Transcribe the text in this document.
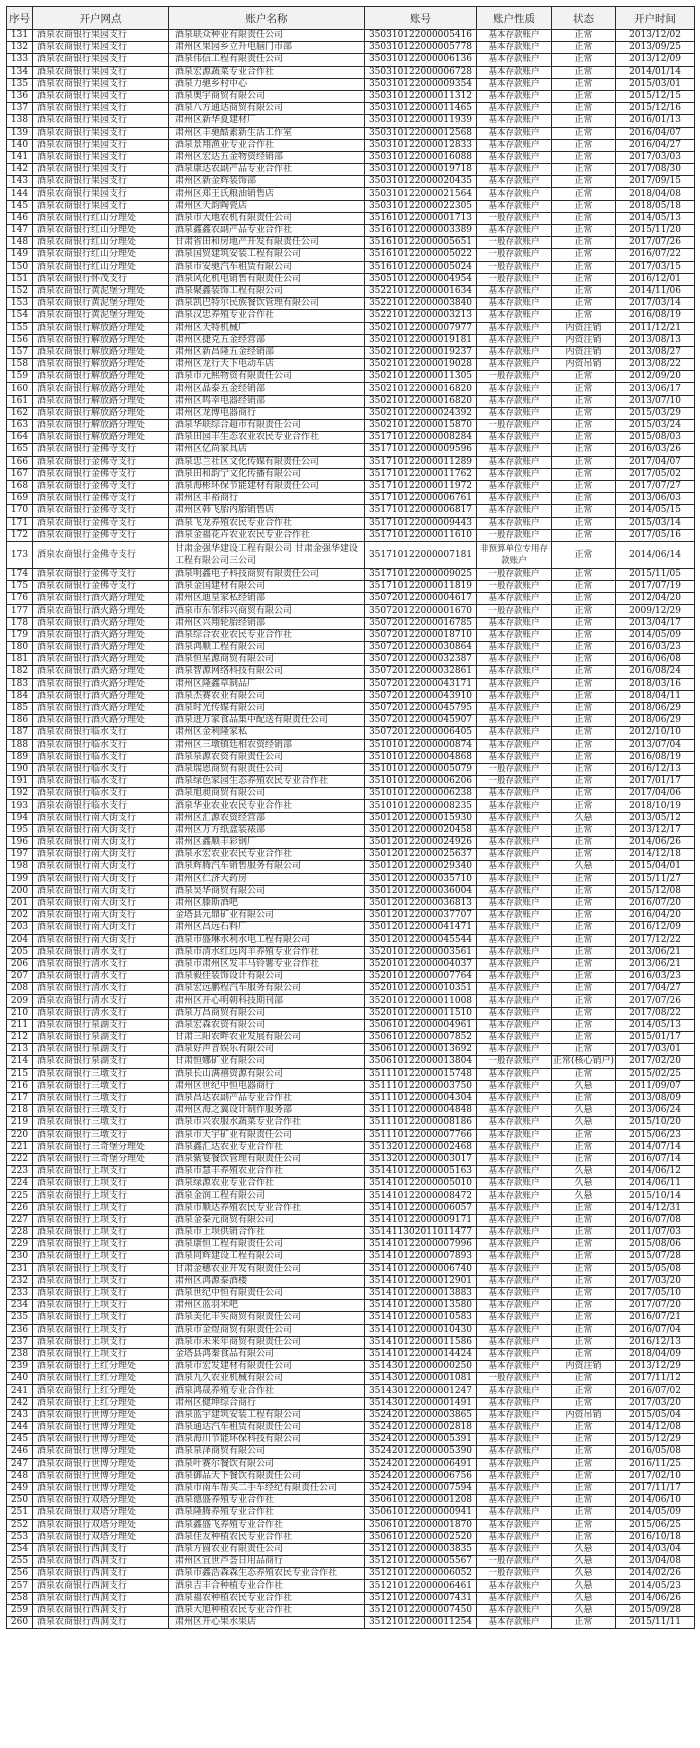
序号	开户网点	账户名称	账号	账户性质	状态	开户时间
131	酒泉农商银行果园支行	酒泉联众种业有限责任公司	350310122000005416	基本存款账户	正常	2013/12/02
132	酒泉农商银行果园支行	肃州区果园乡立升电脑门市部	350310122000005778	基本存款账户	正常	2013/09/25
133	酒泉农商银行果园支行	酒泉伟信工程有限责任公司	350310122000006136	基本存款账户	正常	2013/12/09
134	酒泉农商银行果园支行	酒泉宏源蔬菜专业合作社	350310122000006728	基本存款账户	正常	2014/01/14
135	酒泉农商银行果园支行	酒泉力驰乡村中心	350310122000009354	基本存款账户	正常	2015/03/01
136	酒泉农商银行果园支行	酒泉奥宇商贸有限公司	350310122000011312	基本存款账户	正常	2015/12/15
137	酒泉农商银行果园支行	酒泉八方通达商贸有限公司	350310122000011465	基本存款账户	正常	2015/12/16
138	酒泉农商银行果园支行	肃州区新华夏建材厂	350310122000011939	基本存款账户	正常	2016/01/13
139	酒泉农商银行果园支行	肃州区丰驰酷素新生活工作室	350310122000012568	基本存款账户	正常	2016/04/07
140	酒泉农商银行果园支行	酒泉景翔渔业专业合作社	350310122000012833	基本存款账户	正常	2016/04/27
141	酒泉农商银行果园支行	肃州区宏达五金物资经销部	350310122000016088	基本存款账户	正常	2017/03/03
142	酒泉农商银行果园支行	酒泉康达农副产品专业合作社	350310122000019718	基本存款账户	正常	2017/08/30
143	酒泉农商银行果园支行	肃州区新金辉装饰部	350310122000020435	基本存款账户	正常	2017/09/15
144	酒泉农商银行果园支行	肃州区郑王氏粮油销售店	350310122000021564	基本存款账户	正常	2018/04/08
145	酒泉农商银行果园支行	肃州区天韵陶瓷店	350310122000022305	基本存款账户	正常	2018/05/18
146	酒泉农商银行红山分理处	酒泉市大地农机有限责任公司	351610122000001713	一般存款账户	正常	2014/05/13
147	酒泉农商银行红山分理处	酒泉鑫鑫农副产品专业合作社	351610122000003389	基本存款账户	正常	2015/11/20
148	酒泉农商银行红山分理处	甘肃省田和房地产开发有限责任公司	351610122000005651	一般存款账户	正常	2017/07/26
149	酒泉农商银行红山分理处	酒泉国贸建筑安装工程有限公司	351610122000005022	一般存款账户	正常	2016/07/22
150	酒泉农商银行红山分理处	酒泉市安驰汽车租赁有限公司	351610122000005024	一般存款账户	正常	2017/03/15
151	酒泉农商银行怀茂支行	酒泉风化机电销售有限责任公司	350510122000004954	一般存款账户	正常	2016/12/01
152	酒泉农商银行黄泥堡分理处	酒泉聚鑫装饰工程有限公司	352210122000001634	基本存款账户	正常	2014/11/06
153	酒泉农商银行黄泥堡分理处	酒泉凯巴特尔民族餐饮管理有限公司	352210122000003840	基本存款账户	正常	2017/03/14
154	酒泉农商银行黄泥堡分理处	酒泉汉忠养殖专业合作社	352210122000003213	基本存款账户	正常	2016/08/19
155	酒泉农商银行解放路分理处	肃州区天特机械厂	350210122000007977	基本存款账户	内资注销	2011/12/21
156	酒泉农商银行解放路分理处	肃州区捷克五金经营部	350210122000019181	基本存款账户	内资注销	2013/08/13
157	酒泉农商银行解放路分理处	肃州区新昌隆五金经销部	350210122000019237	基本存款账户	内资注销	2013/08/27
158	酒泉农商银行解放路分理处	肃州区龙行天下电动车店	350210122000019028	基本存款账户	内资吊销	2013/08/22
159	酒泉农商银行解放路分理处	酒泉市元熙物资有限责任公司	350210122000011305	一般存款账户	正常	2012/09/20
160	酒泉农商银行解放路分理处	肃州区晶泰五金经销部	350210122000016820	基本存款账户	正常	2013/06/17
161	酒泉农商银行解放路分理处	肃州区鸣幸电器经销部	350210122000016820	基本存款账户	正常	2013/07/10
162	酒泉农商银行解放路分理处	肃州区龙博电器商行	350210122000024392	基本存款账户	正常	2015/03/29
163	酒泉农商银行解放路分理处	酒泉华联综合超市有限责任公司	350210122000015870	一般存款账户	正常	2015/03/24
164	酒泉农商银行解放路分理处	酒泉田园丰生态农业农民专业合作社	351710122000008284	基本存款账户	正常	2015/08/03
165	酒泉农商银行金佛寺支行	肃州区亿尚家具店	351710122000009596	基本存款账户	正常	2016/03/26
166	酒泉农商银行金佛寺支行	酒泉忠兰社区文化传媒有限责任公司	351710122000011289	基本存款账户	正常	2017/04/07
167	酒泉农商银行金佛寺支行	酒泉田和韵宁文化传播有限公司	351710122000011762	基本存款账户	正常	2017/05/02
168	酒泉农商银行金佛寺支行	酒泉海彬环保节能建材有限责任公司	351710122000011972	基本存款账户	正常	2017/07/27
169	酒泉农商银行金佛寺支行	肃州区丰裕商行	351710122000006761	基本存款账户	正常	2013/06/03
170	酒泉农商银行金佛寺支行	肃州区韩飞胎内胎销售店	351710122000006817	基本存款账户	正常	2014/05/15
171	酒泉农商银行金佛寺支行	酒泉飞龙养殖农民专业合作社	351710122000009443	基本存款账户	正常	2015/03/14
172	酒泉农商银行金佛寺支行	酒泉金福花卉农业农民专业合作社	351710122000011610	一般存款账户	正常	2017/05/16
173	酒泉农商银行金佛寺支行	甘肃金强华建设工程有限公司 甘肃金强华建设工程有限公司三公司	351710122000007181	非预算单位专用存款账户	正常	2014/06/14
174	酒泉农商银行金佛寺支行	酒泉明鑫电子科技商贸有限责任公司	351710122000009025	一般存款账户	正常	2015/11/05
175	酒泉农商银行金佛寺支行	酒泉金国建材有限公司	351710122000011819	一般存款账户	正常	2017/07/19
176	酒泉农商银行酒火路分理处	肃州区迪皇家私经销部	350720122000004617	基本存款账户	正常	2012/04/20
177	酒泉农商银行酒火路分理处	酒泉市东邻纬兴商贸有限公司	350720122000001670	一般存款账户	正常	2009/12/29
178	酒泉农商银行酒火路分理处	肃州区兴翔轮胎经销部	350720122000016785	基本存款账户	正常	2013/04/17
179	酒泉农商银行酒火路分理处	酒泉综合农业农民专业合作社	350720122000018710	基本存款账户	正常	2014/05/09
180	酒泉农商银行酒火路分理处	酒泉鸿顺工程有限公司	350720122000030864	基本存款账户	正常	2016/03/23
181	酒泉农商银行酒火路分理处	酒泉恒星源商贸有限公司	350720122000032387	基本存款账户	正常	2016/06/08
182	酒泉农商银行酒火路分理处	酒泉智源网络科技有限公司	350720122000032861	基本存款账户	正常	2016/08/24
183	酒泉农商银行酒火路分理处	肃州区隆鑫草制品厂	350720122000043171	基本存款账户	正常	2018/03/16
184	酒泉农商银行酒火路分理处	酒泉杰赛农业有限公司	350720122000043910	基本存款账户	正常	2018/04/11
185	酒泉农商银行酒火路分理处	酒泉时光传媒有限公司	350720122000045795	基本存款账户	正常	2018/06/29
186	酒泉农商银行酒火路分理处	酒泉进万家食品集中配送有限责任公司	350720122000045907	基本存款账户	正常	2018/06/29
187	酒泉农商银行临水支行	肃州区金利隆家私	350720122000006405	基本存款账户	正常	2012/10/10
188	酒泉农商银行临水支行	肃州区三墩镇廷相农资经销部	351010122000000874	基本存款账户	正常	2013/07/04
189	酒泉农商银行临水支行	酒泉泉源农资有限责任公司	351010122000004868	基本存款账户	正常	2016/08/19
190	酒泉农商银行临水支行	酒泉瑞恩商贸有限责任公司	351010122000005079	一般存款账户	正常	2016/12/13
191	酒泉农商银行临水支行	酒泉绿色家园生态养殖农民专业合作社	351010122000006206	一般存款账户	正常	2017/01/17
192	酒泉农商银行临水支行	酒泉旭昶商贸有限公司	351010122000006238	基本存款账户	正常	2017/04/06
193	酒泉农商银行临水支行	酒泉华业农业农民专业合作社	351010122000008235	基本存款账户	正常	2018/10/19
194	酒泉农商银行南大街支行	肃州区汇源农资经营部	350120122000015930	基本存款账户	久悬	2013/05/12
195	酒泉农商银行南大街支行	肃州区万方纸盒装裱部	350120122000020458	基本存款账户	正常	2013/12/17
196	酒泉农商银行南大街支行	肃州区鑫顺丰彩钢厂	350120122000024926	基本存款账户	正常	2014/06/26
197	酒泉农商银行南大街支行	酒泉永宏农业农民专业合作社	350120122000025637	基本存款账户	正常	2014/12/18
198	酒泉农商银行南大街支行	酒泉辉腾汽车销售服务有限公司	350120122000029340	基本存款账户	久悬	2015/04/01
199	酒泉农商银行南大街支行	肃州区仁济大药房	350120122000035710	基本存款账户	正常	2015/11/27
200	酒泉农商银行南大街支行	酒泉昊华商贸有限公司	350120122000036004	基本存款账户	正常	2015/12/08
201	酒泉农商银行南大街支行	肃州区滕斯酒吧	350120122000036813	基本存款账户	正常	2016/07/20
202	酒泉农商银行南大街支行	金塔县元鼎矿业有限公司	350120122000037707	基本存款账户	正常	2016/04/20
203	酒泉农商银行南大街支行	肃州区昌远石料厂	350120122000041471	基本存款账户	正常	2016/12/09
204	酒泉农商银行南大街支行	酒泉市盛琳水利水电工程有限公司	350120122000045544	基本存款账户	正常	2017/12/22
205	酒泉农商银行清水支行	酒泉市清水红远肉羊养殖专业合作社	352010122000003561	基本存款账户	正常	2013/06/21
206	酒泉农商银行清水支行	酒泉市肃州区发丰马铃薯专业合作社	352010122000004037	基本存款账户	正常	2013/06/21
207	酒泉农商银行清水支行	酒泉毅佳装饰设计有限公司	352010122000007764	基本存款账户	正常	2016/03/23
208	酒泉农商银行清水支行	酒泉宏远鹏程汽车服务有限公司	352010122000010351	基本存款账户	正常	2017/04/27
209	酒泉农商银行清水支行	肃州区开心明朝科技期刊部	352010122000011008	基本存款账户	正常	2017/07/26
210	酒泉农商银行清水支行	酒泉万昌商贸有限公司	352010122000011510	基本存款账户	正常	2017/08/22
211	酒泉农商银行泉湖支行	酒泉宏森农资有限公司	350610122000004961	基本存款账户	正常	2014/05/13
212	酒泉农商银行泉湖支行	甘肃三阳农畔农业发展有限公司	350610122000007852	基本存款账户	正常	2015/01/17
213	酒泉农商银行泉湖支行	酒泉好声音娱乐有限公司	350610122000013692	基本存款账户	正常	2017/03/01
214	酒泉农商银行泉湖支行	甘肃恒娜矿业有限公司	350610122000013804	一般存款账户	正常(核心销户)	2017/02/20
215	酒泉农商银行三墩支行	酒泉长山满禧资源有限公司	351110122000015748	基本存款账户	正常	2015/02/25
216	酒泉农商银行三墩支行	肃州区世纪中恒电器商行	351110122000003750	基本存款账户	久悬	2011/09/07
217	酒泉农商银行三墩支行	酒泉昌达农副产品专业合作社	351110122000004304	基本存款账户	正常	2013/08/09
218	酒泉农商银行三墩支行	肃州区海之翼设计制作服务部	351110122000004848	基本存款账户	久悬	2013/06/24
219	酒泉农商银行三墩支行	酒泉市兴农服水蔬菜专业合作社	351110122000008186	基本存款账户	久悬	2015/10/20
220	酒泉农商银行三墩支行	酒泉市天宇矿业有限责任公司	351110122000007766	基本存款账户	正常	2015/06/23
221	酒泉农商银行三奇堡分理处	酒泉鑫汇达农业专业合作社	351320122000002468	基本存款账户	正常	2014/07/14
222	酒泉农商银行三奇堡分理处	酒泉紫宴餐饮管理有限责任公司	351320122000003017	基本存款账户	正常	2016/07/14
223	酒泉农商银行上坝支行	酒泉市慧丰养殖农业合作社	351410122000005163	基本存款账户	久悬	2014/06/12
224	酒泉农商银行上坝支行	酒泉绿源农业专业合作社	351410122000005010	基本存款账户	久悬	2014/06/11
225	酒泉农商银行上坝支行	酒泉金润工程有限公司	351410122000008472	基本存款账户	久悬	2015/10/14
226	酒泉农商银行上坝支行	酒泉市顺达养殖农民专业合作社	351410122000006057	基本存款账户	正常	2014/12/31
227	酒泉农商银行上坝支行	酒泉金泰元商贸有限公司	351410122000009171	基本存款账户	正常	2016/07/08
228	酒泉农商银行上坝支行	酒泉市上坝供销合作社	351411302011011477	基本存款账户	正常	2011/07/03
229	酒泉农商银行上坝支行	酒泉康恒工程有限责任公司	351410122000007996	基本存款账户	正常	2015/08/06
230	酒泉农商银行上坝支行	酒泉同辉建设工程有限公司	351410122000007893	基本存款账户	正常	2015/07/28
231	酒泉农商银行上坝支行	甘肃金穗农业开发有限责任公司	351410122000006740	基本存款账户	正常	2015/05/08
232	酒泉农商银行上坝支行	肃州区鸿源泰酒楼	351410122000012901	基本存款账户	正常	2017/03/20
233	酒泉农商银行上坝支行	酒泉世纪中恒有限责任公司	351410122000013883	基本存款账户	正常	2017/05/10
234	酒泉农商银行上坝支行	肃州区蓝羽米吧	351410122000013580	基本存款账户	正常	2017/07/20
235	酒泉农商银行上坝支行	酒泉美化丰实商贸有限责任公司	351410122000010583	基本存款账户	正常	2016/07/21
236	酒泉农商银行上坝支行	酒泉市金煜商贸有限责任公司	351410122000010430	基本存款账户	正常	2016/07/04
237	酒泉农商银行上坝支行	酒泉市未来年商贸有限责任公司	351410122000011586	基本存款账户	正常	2016/12/13
238	酒泉农商银行上坝支行	金塔县鸿秦食品有限公司	351410122000014424	基本存款账户	正常	2018/04/09
239	酒泉农商银行上红分理处	酒泉市宏发建材有限责任公司	351430122000000250	基本存款账户	内资注销	2013/12/29
240	酒泉农商银行上红分理处	酒泉九久农业机械有限公司	351430122000001081	一般存款账户	正常	2017/11/12
241	酒泉农商银行上红分理处	酒泉鸿晟养殖专业合作社	351430122000001247	基本存款账户	正常	2016/07/02
242	酒泉农商银行上红分理处	肃州区健坤综合商行	351430122000001491	基本存款账户	正常	2017/03/20
243	酒泉农商银行世博分理处	酒泉蓝宇建筑安装工程有限公司	352420122000003865	基本存款账户	内资吊销	2015/05/04
244	酒泉农商银行世博分理处	酒泉通达汽车租赁有限责任公司	352420122000002818	基本存款账户	正常	2014/12/08
245	酒泉农商银行世博分理处	酒泉海川节能环保科技有限公司	352420122000005391	基本存款账户	正常	2015/12/29
246	酒泉农商银行世博分理处	酒泉泉泽商贸有限公司	352420122000005390	基本存款账户	正常	2016/05/08
247	酒泉农商银行世博分理处	酒泉叶赛尔餐饮有限公司	352420122000006491	基本存款账户	正常	2016/11/25
248	酒泉农商银行世博分理处	酒泉御品天下餐饮有限责任公司	352420122000006756	基本存款账户	正常	2017/02/10
249	酒泉农商银行世博分理处	酒泉市南车帮买二手车经纪有限责任公司	352420122000007594	基本存款账户	正常	2017/11/17
250	酒泉农商银行双塔分理处	酒泉德盛养殖专业合作社	350610122000001208	基本存款账户	正常	2014/06/10
251	酒泉农商银行双塔分理处	酒泉隆腾养殖专业合作社	350610122000000941	基本存款账户	正常	2014/05/09
252	酒泉农商银行双塔分理处	酒泉鑫盛飞养殖专业合作社	350610122000001870	基本存款账户	正常	2015/06/25
253	酒泉农商银行双塔分理处	酒泉佳友种植农民专业合作社	350610122000002520	基本存款账户	正常	2016/10/18
254	酒泉农商银行西洞支行	酒泉方圆农业有限责任公司	351210122000003835	基本存款账户	久悬	2014/03/04
255	酒泉农商银行西洞支行	肃州区宜世芦荟日用品商行	351210122000005567	一般存款账户	久悬	2013/04/08
256	酒泉农商银行西洞支行	酒泉市鑫浩森森生态养殖农民专业合作社	351210122000006052	一般存款账户	久悬	2014/02/26
257	酒泉农商银行西洞支行	酒泉吉丰合种植专业合作社	351210122000006461	基本存款账户	久悬	2014/05/23
258	酒泉农商银行西洞支行	酒泉福农种植农民专业合作社	351210122000007431	基本存款账户	久悬	2014/06/26
259	酒泉农商银行西洞支行	酒泉大旭种植农民专业合作社	351210122000007450	基本存款账户	久悬	2015/09/28
260	酒泉农商银行西洞支行	肃州区开心果水果店	351210122000011254	基本存款账户	正常	2015/11/11
